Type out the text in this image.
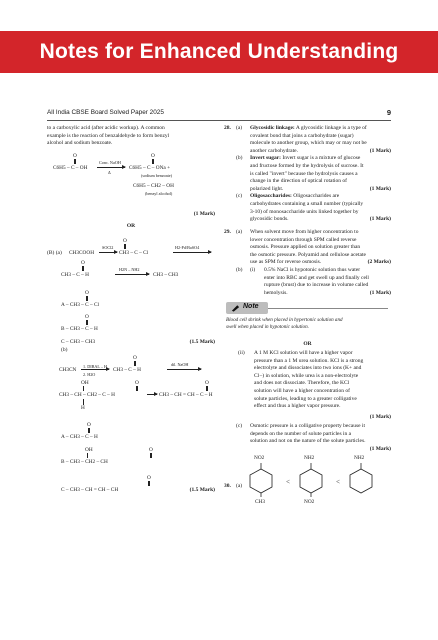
Notes for Enhanced Understanding
All India CBSE Board Solved Paper 2025	9
to a carboxylic acid (after acidic workup). A common
example is the reaction of benzaldehyde to form benzyl
alcohol and sodium benzoate.
O
C6H5 – C – OH
Conc. NaOH
Δ
O
C6H5 – C – ONa +
(sodium benzoate)
C6H5 – CH2 – OH
(benzyl alcohol)
(1 Mark)
OR
O
(B) (a) CH3COOH
SOCl2
→ CH3 – C – Cl
H2-Pd/BaSO4
O
CH3 – C – H
H2N – NH2
CH3 – CH3
O
A – CH3 – C – Cl
O
B – CH3 – C – H
C – CH3 – CH3	(1.5 Mark)
(b)
1. DIBAL – H
2. H2O
CH3CN
O
CH3 – C – H
dil. NaOH
OH	O
CH3 – CH – CH2 – C – H
H
O
CH3 – CH = CH – C – H
O
A – CH3 – C – H
OH	O
B – CH3 – CH2 – CH
O
C – CH3 – CH = CH – CH	(1.5 Mark)
28. (a) Glycosidic linkage: A glycosidic linkage is a type of
covalent bond that joins a carbohydrate (sugar)
molecule to another group, which may or may not be
another carbohydrate.	(1 Mark)
(b) Invert sugar: Invert sugar is a mixture of glucose
and fructose formed by the hydrolysis of sucrose. It
is called "invert" because the hydrolysis causes a
change in the direction of optical rotation of
polarized light.	(1 Mark)
(c) Oligosaccharides: Oligosaccharides are
carbohydrates containing a small number (typically
3-10) of monosaccharide units linked together by
glycosidic bonds.	(1 Mark)
29. (a) When solvent move from higher concentration to
lower concentration through SPM called reverse
osmosis. Pressure applied on solution greater than
the osmotic pressure. Polyamid and cellulose acetate
use as SPM for reverse osmosis.	(2 Marks)
(b) (i) 0.5% NaCl is hypotonic solution thus water
enter into RBC and get swell up and finally cell
rupture (brust) due to increase in volume called
hemolysis.	(1 Mark)
Note
Blood cell shrink when placed in hypertonic solution and
swell when placed in hypotonic solution.
OR
(ii) A 1 M KCl solution will have a higher vapor
pressure than a 1 M urea solution. KCl is a strong
electrolyte and dissociates into two ions (K+ and
Cl−) in solution, while urea is a non-electrolyte
and does not dissociate. Therefore, the KCl
solution will have a higher concentration of
solute particles, leading to a greater colligative
effect and thus a higher vapor pressure.
(1 Mark)
(c) Osmotic pressure is a colligative property because it
depends on the number of solute particles in a
solution and not on the nature of the solute particles.
(1 Mark)
30. (a)
NO2
CH3
<
NH2
NO2
<
NH2
